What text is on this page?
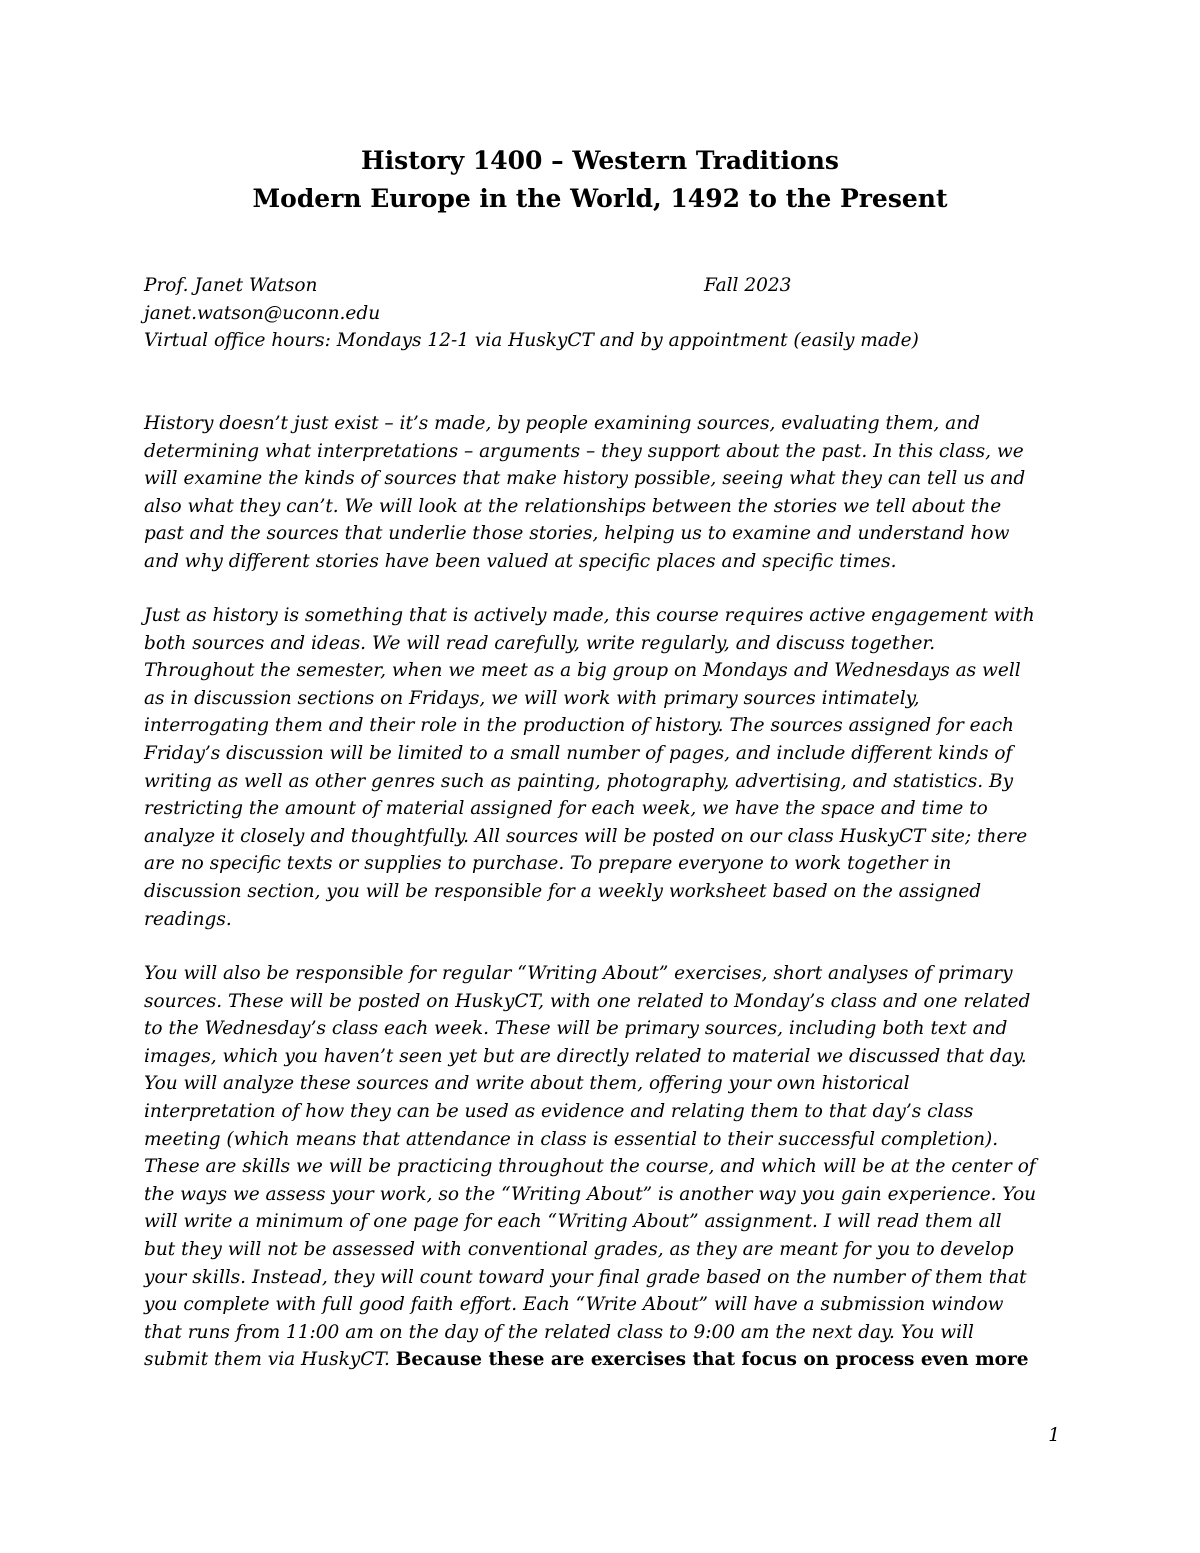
History 1400 – Western Traditions
Modern Europe in the World, 1492 to the Present
Prof. Janet Watson	Fall 2023
janet.watson@uconn.edu
Virtual office hours: Mondays 12-1 via HuskyCT and by appointment (easily made)
History doesn’t just exist – it’s made, by people examining sources, evaluating them, and
determining what interpretations – arguments – they support about the past. In this class, we
will examine the kinds of sources that make history possible, seeing what they can tell us and
also what they can’t. We will look at the relationships between the stories we tell about the
past and the sources that underlie those stories, helping us to examine and understand how
and why different stories have been valued at specific places and specific times.
Just as history is something that is actively made, this course requires active engagement with
both sources and ideas. We will read carefully, write regularly, and discuss together.
Throughout the semester, when we meet as a big group on Mondays and Wednesdays as well
as in discussion sections on Fridays, we will work with primary sources intimately,
interrogating them and their role in the production of history. The sources assigned for each
Friday’s discussion will be limited to a small number of pages, and include different kinds of
writing as well as other genres such as painting, photography, advertising, and statistics. By
restricting the amount of material assigned for each week, we have the space and time to
analyze it closely and thoughtfully. All sources will be posted on our class HuskyCT site; there
are no specific texts or supplies to purchase. To prepare everyone to work together in
discussion section, you will be responsible for a weekly worksheet based on the assigned
readings.
You will also be responsible for regular “Writing About” exercises, short analyses of primary
sources. These will be posted on HuskyCT, with one related to Monday’s class and one related
to the Wednesday’s class each week. These will be primary sources, including both text and
images, which you haven’t seen yet but are directly related to material we discussed that day.
You will analyze these sources and write about them, offering your own historical
interpretation of how they can be used as evidence and relating them to that day’s class
meeting (which means that attendance in class is essential to their successful completion).
These are skills we will be practicing throughout the course, and which will be at the center of
the ways we assess your work, so the “Writing About” is another way you gain experience. You
will write a minimum of one page for each “Writing About” assignment. I will read them all
but they will not be assessed with conventional grades, as they are meant for you to develop
your skills. Instead, they will count toward your final grade based on the number of them that
you complete with full good faith effort. Each “Write About” will have a submission window
that runs from 11:00 am on the day of the related class to 9:00 am the next day. You will
submit them via HuskyCT. Because these are exercises that focus on process even more
1
